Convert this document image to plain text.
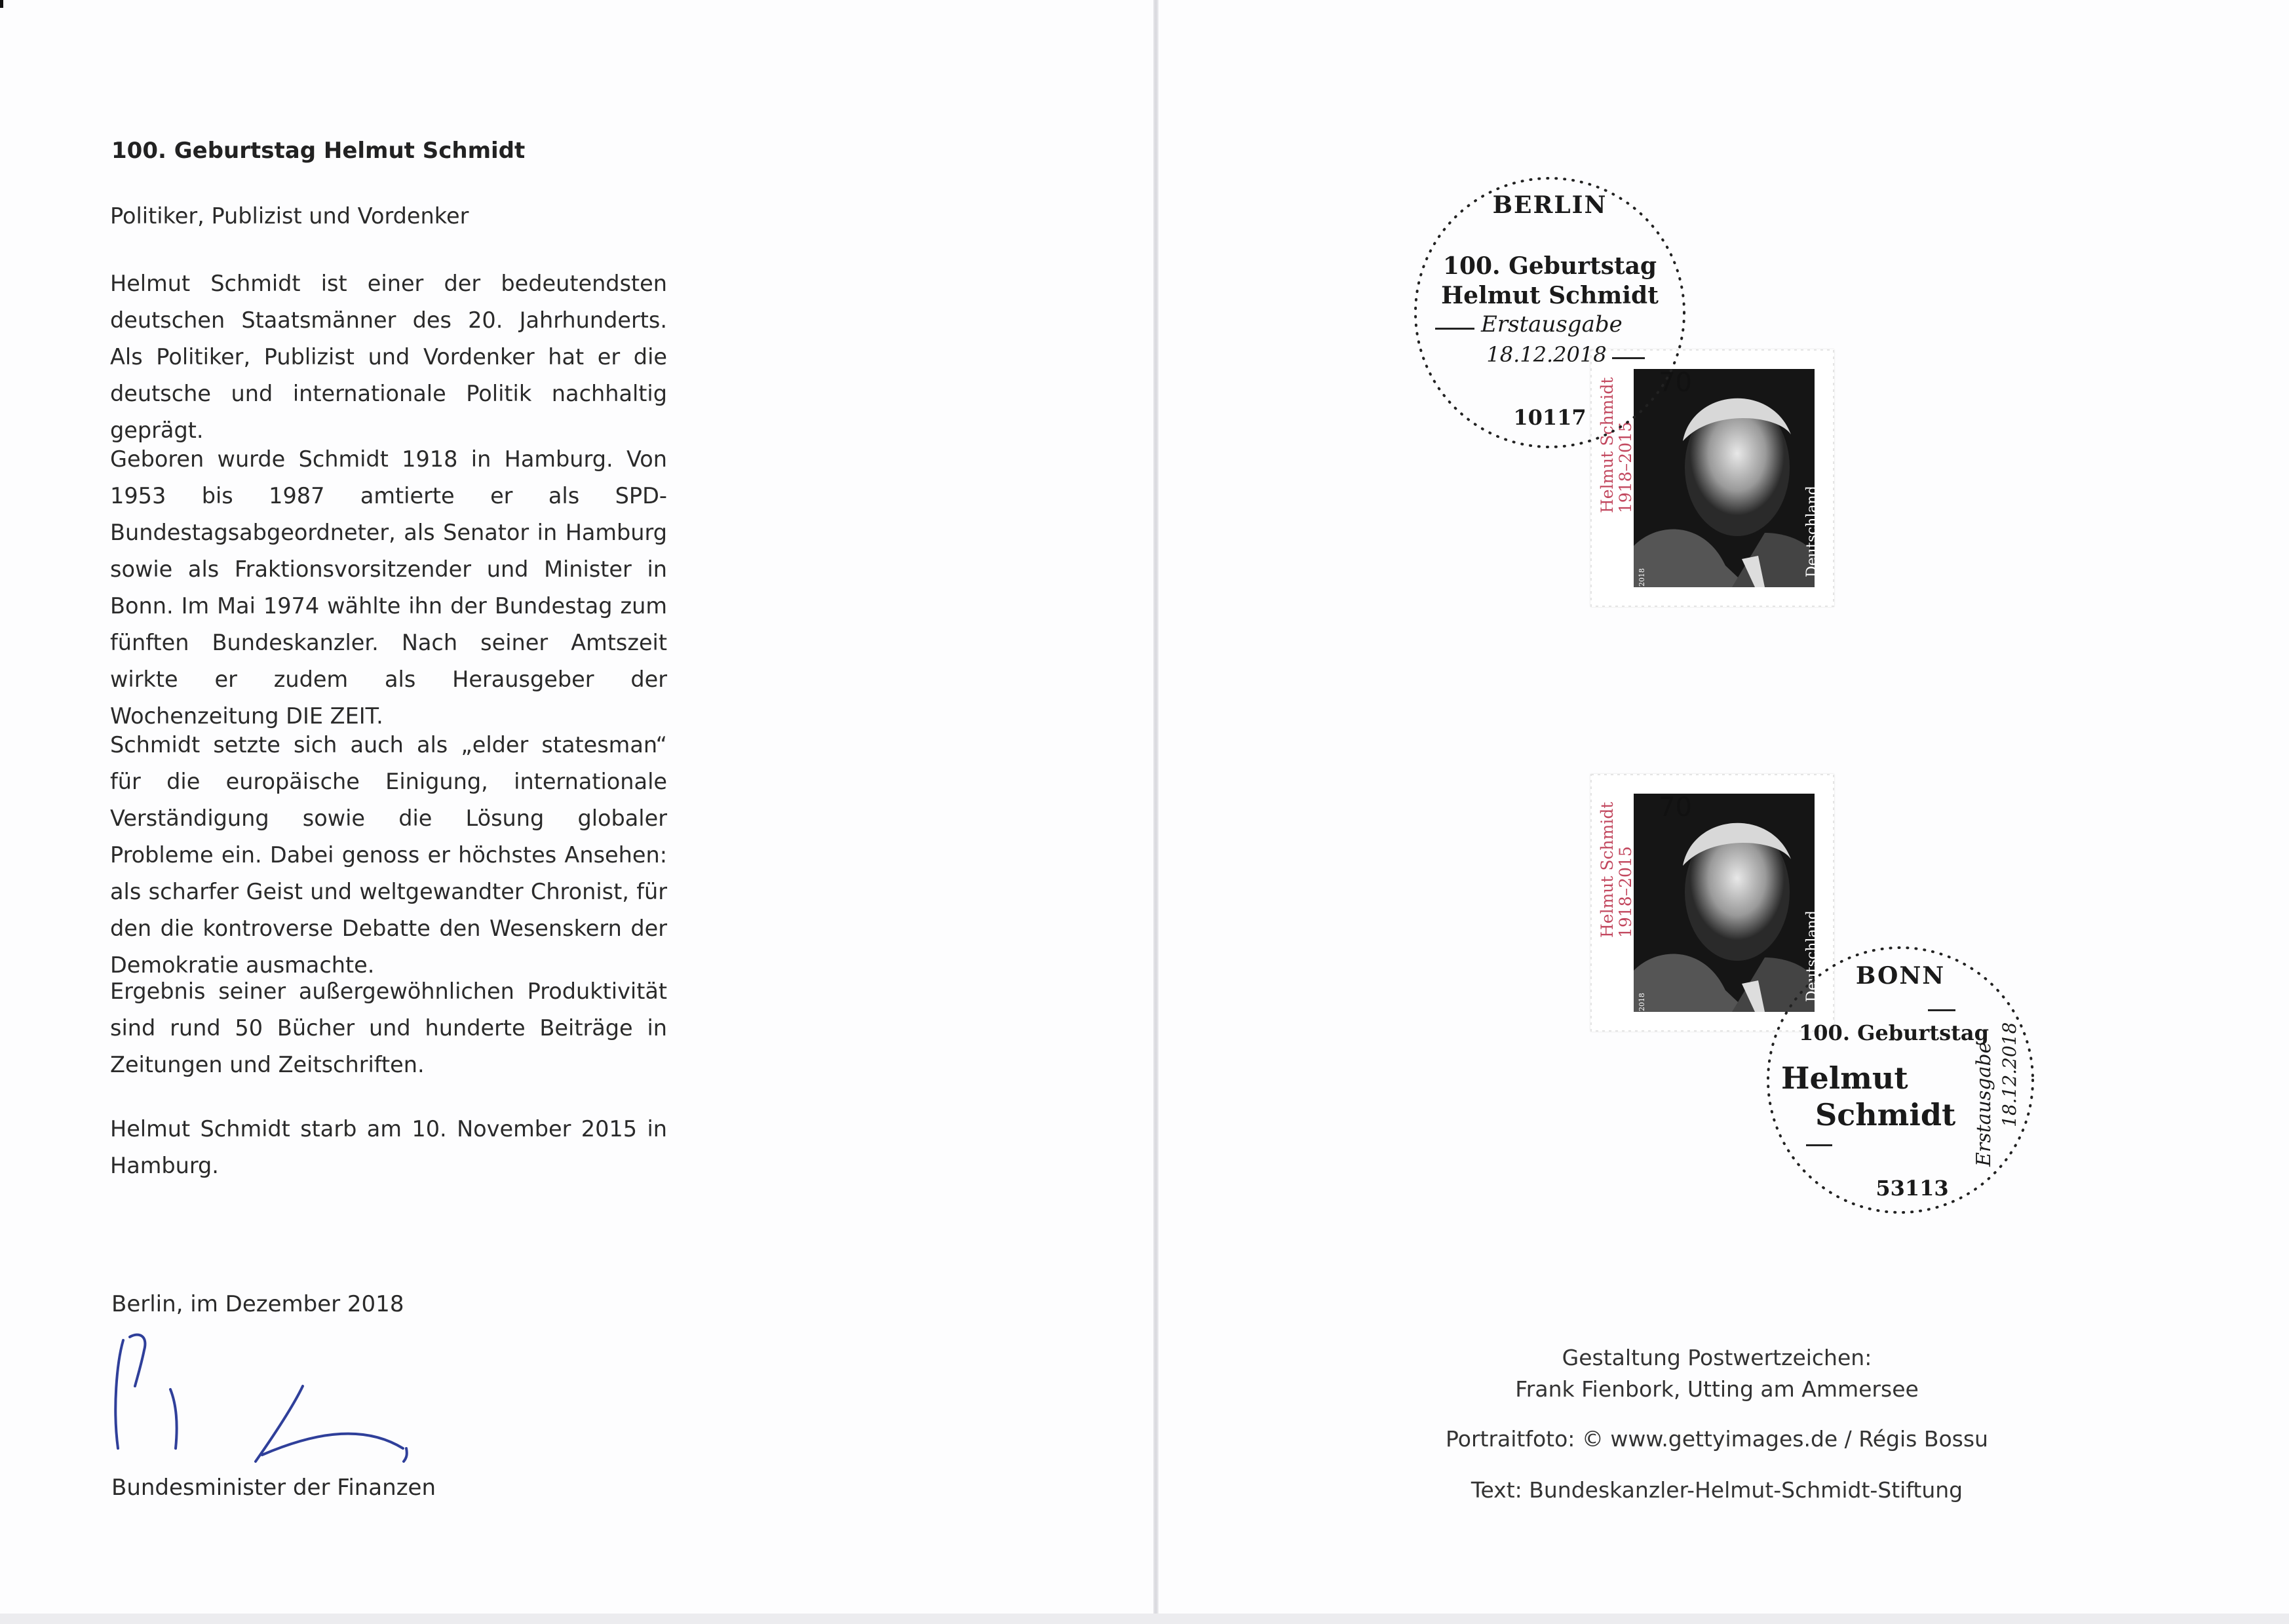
100. Geburtstag Helmut Schmidt
Politiker, Publizist und Vordenker

Helmut Schmidt ist einer der bedeutendsten deutschen Staatsmänner des 20. Jahrhunderts. Als Politiker, Publizist und Vordenker hat er die deutsche und internationale Politik nachhaltig geprägt.

Geboren wurde Schmidt 1918 in Hamburg. Von 1953 bis 1987 amtierte er als SPD-Bundestagsabgeordneter, als Senator in Hamburg sowie als Fraktionsvorsitzender und Minister in Bonn. Im Mai 1974 wählte ihn der Bundestag zum fünften Bundeskanzler. Nach seiner Amtszeit wirkte er zudem als Herausgeber der Wochenzeitung DIE ZEIT.

Schmidt setzte sich auch als „elder statesman“ für die europäische Einigung, internationale Verständigung sowie die Lösung globaler Probleme ein. Dabei genoss er höchstes Ansehen: als scharfer Geist und weltgewandter Chronist, für den die kontroverse Debatte den Wesenskern der Demokratie ausmachte.

Ergebnis seiner außergewöhnlichen Produktivität sind rund 50 Bücher und hunderte Beiträge in Zeitungen und Zeitschriften.

Helmut Schmidt starb am 10. November 2015 in Hamburg.

Berlin, im Dezember 2018
Bundesminister der Finanzen
Helmut Schmidt
1918–2015
70
Deutschland
2018
Helmut Schmidt
1918–2015
70
Deutschland
2018
BERLIN
100. Geburtstag
Helmut Schmidt
Erstausgabe
18.12.2018
10117
BONN
100. Geburtstag
Helmut
Schmidt
53113
Erstausgabe 18.12.2018
Gestaltung Postwertzeichen:
Frank Fienbork, Utting am Ammersee
Portraitfoto: © www.gettyimages.de / Régis Bossu
Text: Bundeskanzler-Helmut-Schmidt-Stiftung
